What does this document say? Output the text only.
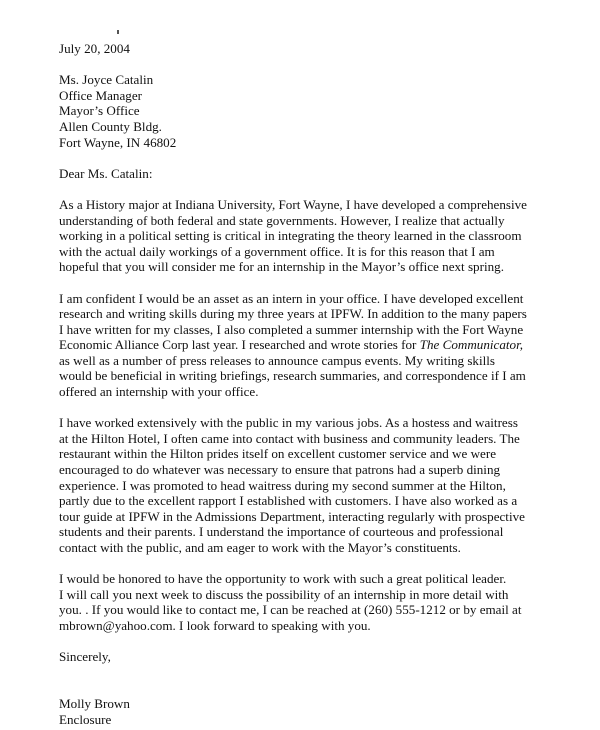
July 20, 2004
Ms. Joyce Catalin
Office Manager
Mayor’s Office
Allen County Bldg.
Fort Wayne, IN 46802
Dear Ms. Catalin:
As a History major at Indiana University, Fort Wayne, I have developed a comprehensive
understanding of both federal and state governments. However, I realize that actually
working in a political setting is critical in integrating the theory learned in the classroom
with the actual daily workings of a government office. It is for this reason that I am
hopeful that you will consider me for an internship in the Mayor’s office next spring.
I am confident I would be an asset as an intern in your office. I have developed excellent
research and writing skills during my three years at IPFW. In addition to the many papers
I have written for my classes, I also completed a summer internship with the Fort Wayne
Economic Alliance Corp last year. I researched and wrote stories for The Communicator,
as well as a number of press releases to announce campus events. My writing skills
would be beneficial in writing briefings, research summaries, and correspondence if I am
offered an internship with your office.
I have worked extensively with the public in my various jobs. As a hostess and waitress
at the Hilton Hotel, I often came into contact with business and community leaders. The
restaurant within the Hilton prides itself on excellent customer service and we were
encouraged to do whatever was necessary to ensure that patrons had a superb dining
experience. I was promoted to head waitress during my second summer at the Hilton,
partly due to the excellent rapport I established with customers. I have also worked as a
tour guide at IPFW in the Admissions Department, interacting regularly with prospective
students and their parents. I understand the importance of courteous and professional
contact with the public, and am eager to work with the Mayor’s constituents.
I would be honored to have the opportunity to work with such a great political leader.
I will call you next week to discuss the possibility of an internship in more detail with
you. . If you would like to contact me, I can be reached at (260) 555-1212 or by email at
mbrown@yahoo.com. I look forward to speaking with you.
Sincerely,
Molly Brown
Enclosure
